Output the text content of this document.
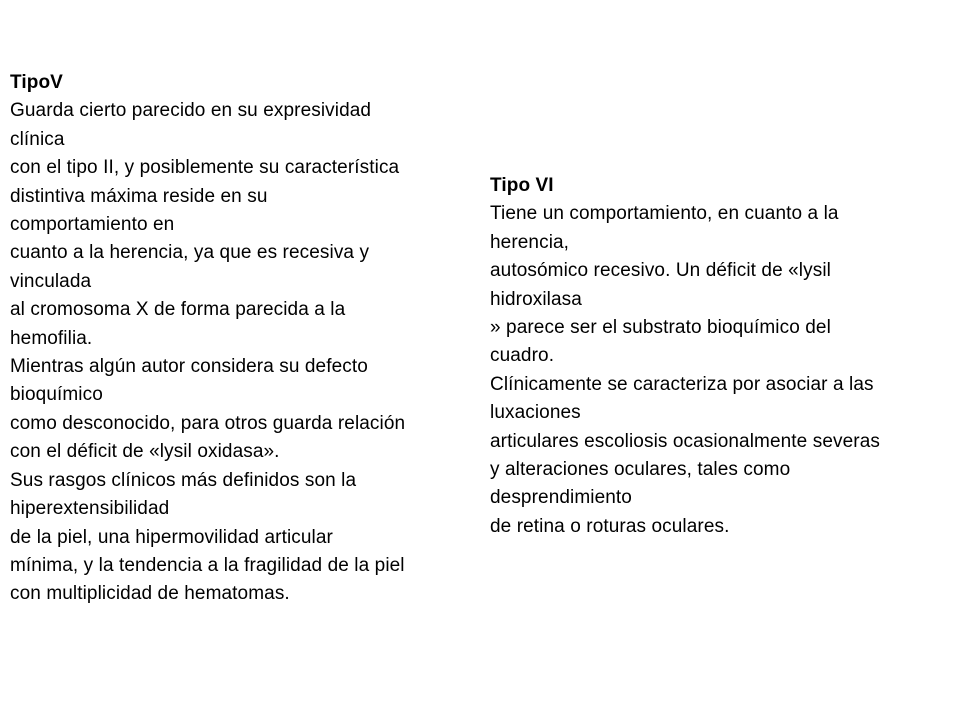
TipoV
Guarda cierto parecido en su expresividad
clínica
con el tipo II, y posiblemente su característica
distintiva máxima reside en su
comportamiento en
cuanto a la herencia, ya que es recesiva y
vinculada
al cromosoma X de forma parecida a la
hemofilia.
Mientras algún autor considera su defecto
bioquímico
como desconocido, para otros guarda relación
con el déficit de «lysil oxidasa».
Sus rasgos clínicos más definidos son la
hiperextensibilidad
de la piel, una hipermovilidad articular
mínima, y la tendencia a la fragilidad de la piel
con multiplicidad de hematomas.
Tipo VI
Tiene un comportamiento, en cuanto a la
herencia,
autosómico recesivo. Un déficit de «lysil
hidroxilasa
» parece ser el substrato bioquímico del
cuadro.
Clínicamente se caracteriza por asociar a las
luxaciones
articulares escoliosis ocasionalmente severas
y alteraciones oculares, tales como
desprendimiento
de retina o roturas oculares.
